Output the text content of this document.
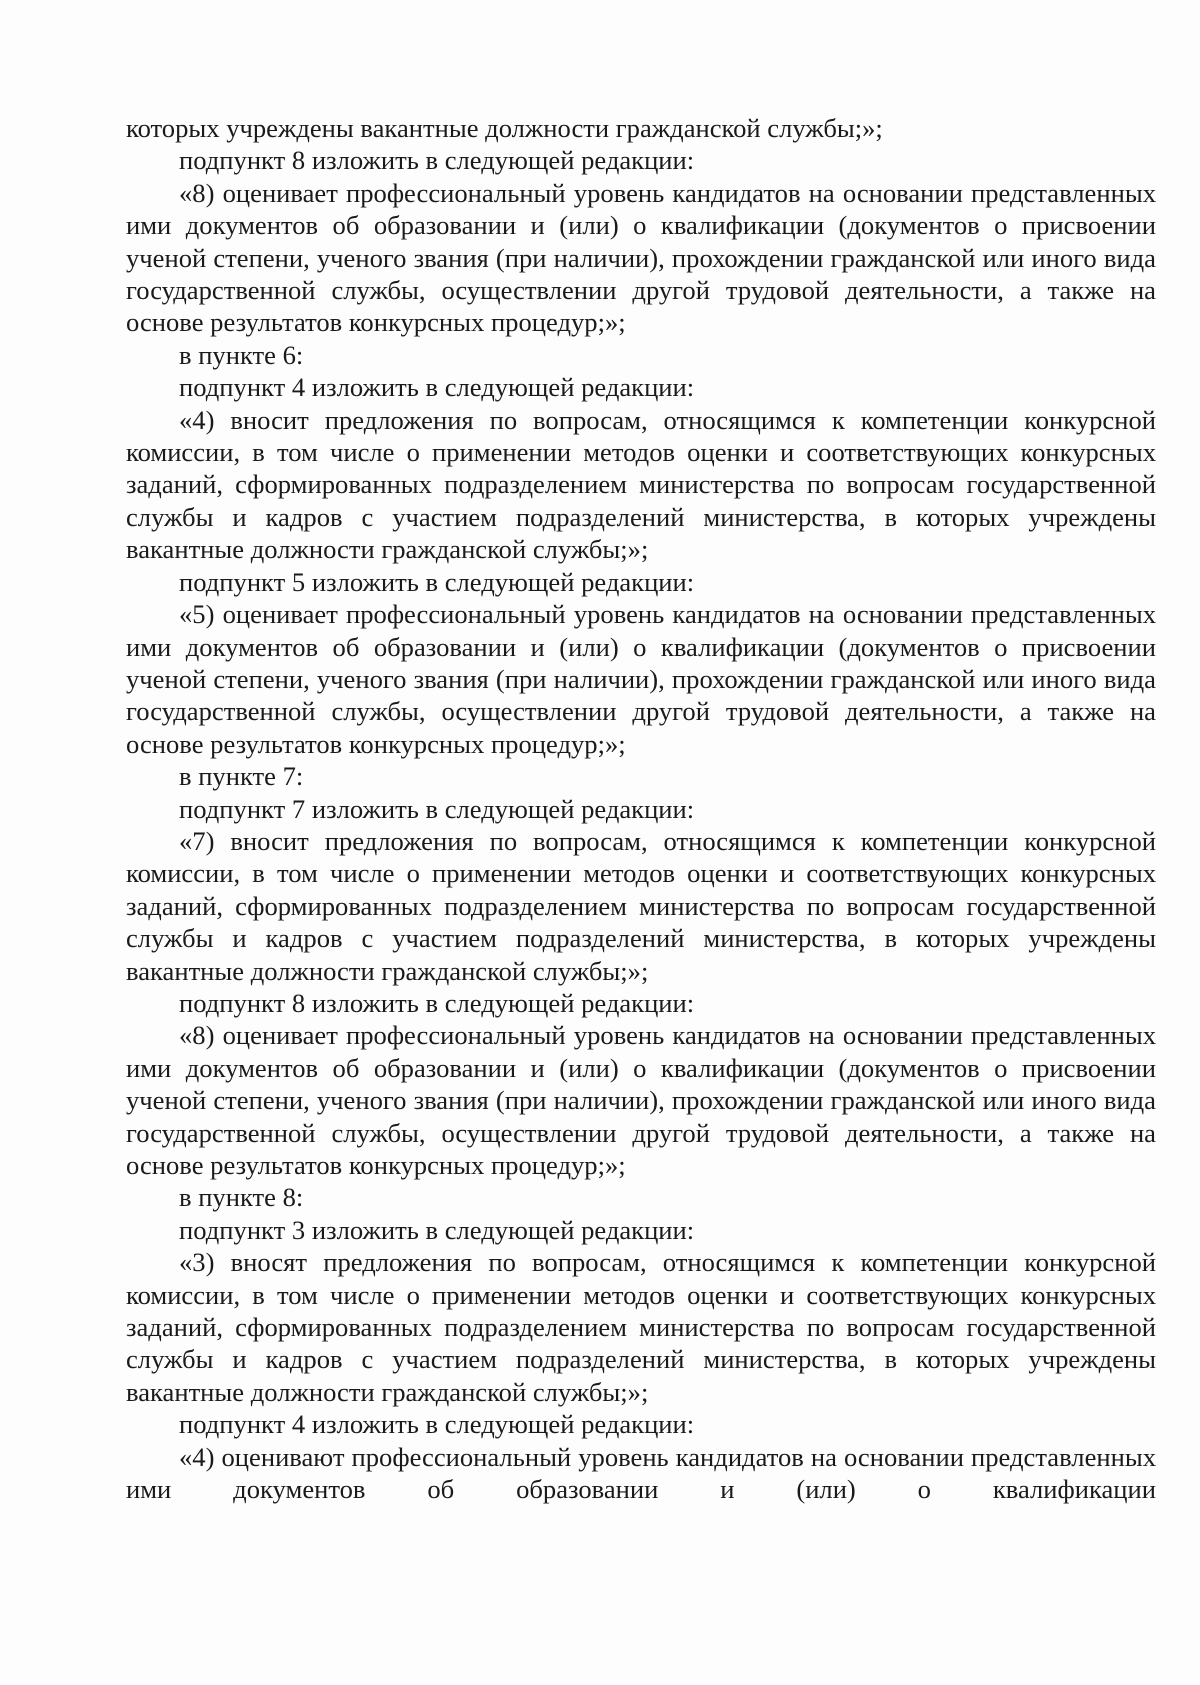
которых учреждены вакантные должности гражданской службы;»;

подпункт 8 изложить в следующей редакции:

«8) оценивает профессиональный уровень кандидатов на основании представленных ими документов об образовании и (или) о квалификации (документов о присвоении ученой степени, ученого звания (при наличии), прохождении гражданской или иного вида государственной службы, осуществлении другой трудовой деятельности, а также на основе результатов конкурсных процедур;»;

в пункте 6:

подпункт 4 изложить в следующей редакции:

«4) вносит предложения по вопросам, относящимся к компетенции конкурсной комиссии, в том числе о применении методов оценки и соответствующих конкурсных заданий, сформированных подразделением министерства по вопросам государственной службы и кадров с участием подразделений министерства, в которых учреждены вакантные должности гражданской службы;»;

подпункт 5 изложить в следующей редакции:

«5) оценивает профессиональный уровень кандидатов на основании представленных ими документов об образовании и (или) о квалификации (документов о присвоении ученой степени, ученого звания (при наличии), прохождении гражданской или иного вида государственной службы, осуществлении другой трудовой деятельности, а также на основе результатов конкурсных процедур;»;

в пункте 7:

подпункт 7 изложить в следующей редакции:

«7) вносит предложения по вопросам, относящимся к компетенции конкурсной комиссии, в том числе о применении методов оценки и соответствующих конкурсных заданий, сформированных подразделением министерства по вопросам государственной службы и кадров с участием подразделений министерства, в которых учреждены вакантные должности гражданской службы;»;

подпункт 8 изложить в следующей редакции:

«8) оценивает профессиональный уровень кандидатов на основании представленных ими документов об образовании и (или) о квалификации (документов о присвоении ученой степени, ученого звания (при наличии), прохождении гражданской или иного вида государственной службы, осуществлении другой трудовой деятельности, а также на основе результатов конкурсных процедур;»;

в пункте 8:

подпункт 3 изложить в следующей редакции:

«3) вносят предложения по вопросам, относящимся к компетенции конкурсной комиссии, в том числе о применении методов оценки и соответствующих конкурсных заданий, сформированных подразделением министерства по вопросам государственной службы и кадров с участием подразделений министерства, в которых учреждены вакантные должности гражданской службы;»;

подпункт 4 изложить в следующей редакции:

«4) оценивают профессиональный уровень кандидатов на основании представленных ими документов об образовании и (или) о квалификации
